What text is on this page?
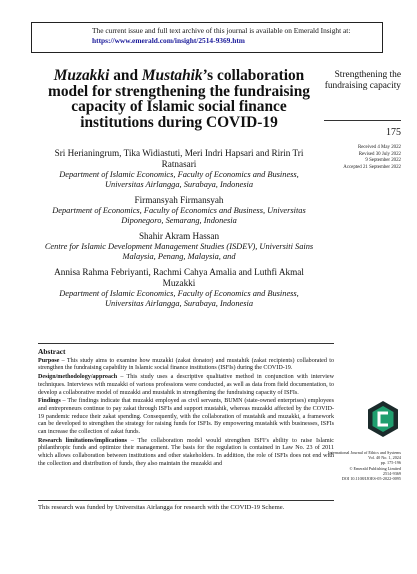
The current issue and full text archive of this journal is available on Emerald Insight at:
https://www.emerald.com/insight/2514-9369.htm
Muzakki and Mustahik’s collaboration model for strengthening the fundraising capacity of Islamic social finance institutions during COVID-19
Sri Herianingrum, Tika Widiastuti, Meri Indri Hapsari and Ririn Tri Ratnasari
Department of Islamic Economics, Faculty of Economics and Business, Universitas Airlangga, Surabaya, Indonesia
Firmansyah Firmansyah
Department of Economics, Faculty of Economics and Business, Universitas Diponegoro, Semarang, Indonesia
Shahir Akram Hassan
Centre for Islamic Development Management Studies (ISDEV), Universiti Sains Malaysia, Penang, Malaysia, and
Annisa Rahma Febriyanti, Rachmi Cahya Amalia and Luthfi Akmal Muzakki
Department of Islamic Economics, Faculty of Economics and Business, Universitas Airlangga, Surabaya, Indonesia
Strengthening the fundraising capacity
175
Received 4 May 2022
Revised 30 July 2022
9 September 2022
Accepted 21 September 2022
Abstract

Purpose – This study aims to examine how muzakki (zakat donator) and mustahik (zakat recipients) collaborated to strengthen the fundraising capability in Islamic social finance institutions (ISFIs) during the COVID-19.

Design/methodology/approach – This study uses a descriptive qualitative method in conjunction with interview techniques. Interviews with muzakki of various professions were conducted, as well as data from field documentation, to develop a collaborative model of muzakki and mustahik in strengthening the fundraising capacity of ISFIs.

Findings – The findings indicate that muzakki employed as civil servants, BUMN (state-owned enterprises) employees and entrepreneurs continue to pay zakat through ISFIs and support mustahik, whereas muzakki affected by the COVID-19 pandemic reduce their zakat spending. Consequently, with the collaboration of mustahik and muzakki, a framework can be developed to strengthen the strategy for raising funds for ISFIs. By empowering mustahik with businesses, ISFIs can increase the collection of zakat funds.

Research limitations/implications – The collaboration model would strengthen ISFI’s ability to raise Islamic philanthropic funds and optimize their management. The basis for the regulation is contained in Law No. 23 of 2011 which allows collaboration between institutions and other stakeholders. In addition, the role of ISFIs does not end with the collection and distribution of funds, they also maintain the muzakki and

International Journal of Ethics and Systems
Vol. 40 No. 1, 2024
pp. 175-196
© Emerald Publishing Limited
2514-9369
DOI 10.1108/IJOES-05-2022-0095
This research was funded by Universitas Airlangga for research with the COVID-19 Scheme.
